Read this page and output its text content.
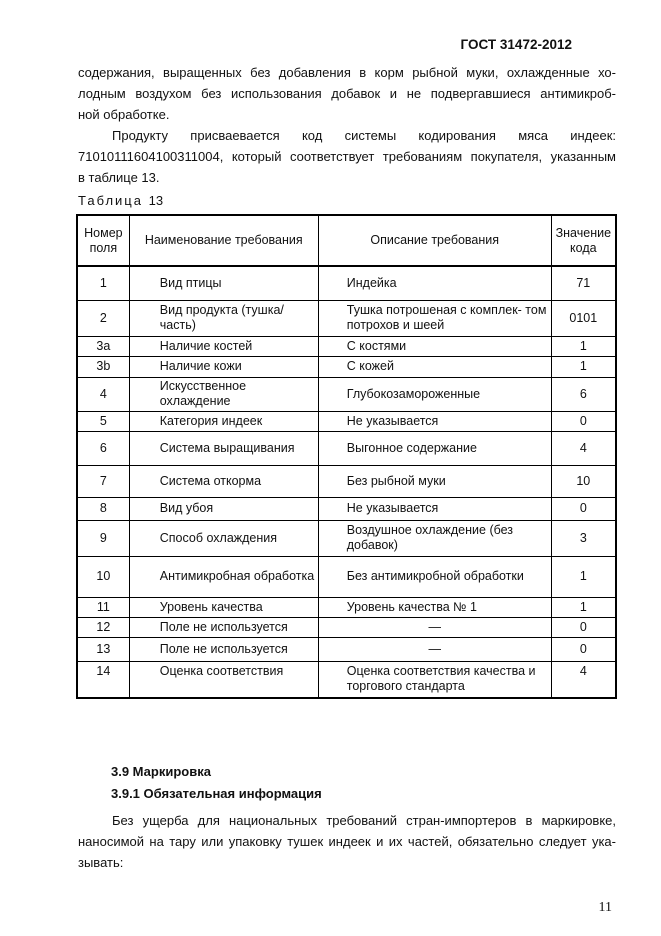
ГОСТ 31472-2012
содержания, выращенных без добавления в корм рыбной муки, охлажденные хо-
лодным воздухом без использования добавок и не подвергавшиеся антимикроб-
ной обработке.
Продукту присваевается код системы кодирования мяса индеек:
71010111604100311004, который соответствует требованиям покупателя, указанным
в таблице 13.
Таблица 13
Номер поля	Наименование требования	Описание требования	Значение кода

1	Вид птицы	Индейка	71

2	Вид продукта (тушка/ часть)	Тушка потрошеная с комплек- том потрохов и шеей	0101

3a	Наличие костей	С костями	1

3b	Наличие кожи	С кожей	1

4	Искусственное охлаждение	Глубокозамороженные	6

5	Категория индеек	Не указывается	0

6	Система выращивания	Выгонное содержание	4

7	Система откорма	Без рыбной муки	10

8	Вид убоя	Не указывается	0

9	Способ охлаждения	Воздушное охлаждение (без добавок)	3

10	Антимикробная обработка	Без антимикробной обработки	1

11	Уровень качества	Уровень качества № 1	1

12	Поле не используется	—	0

13	Поле не используется	—	0

14	Оценка соответствия	Оценка соответствия качества и торгового стандарта	4
3.9 Маркировка
3.9.1 Обязательная информация
Без ущерба для национальных требований стран-импортеров в маркировке,
наносимой на тару или упаковку тушек индеек и их частей, обязательно следует ука-
зывать:
11
